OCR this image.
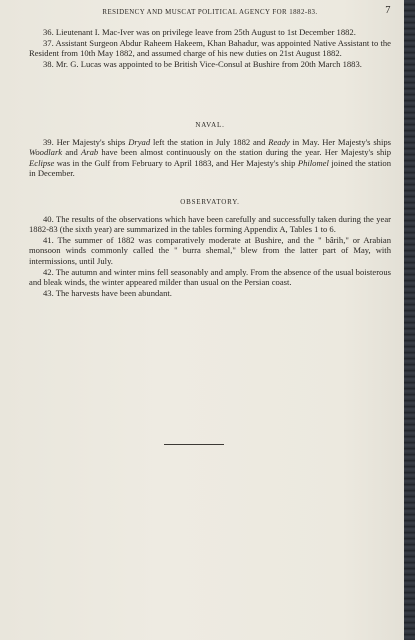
RESIDENCY AND MUSCAT POLITICAL AGENCY FOR 1882-83.	7

36. Lieutenant I. Mac-Iver was on privilege leave from 25th August to 1st December 1882.

37. Assistant Surgeon Abdur Raheem Hakeem, Khan Bahadur, was appointed Native Assistant to the Resident from 10th May 1882, and assumed charge of his new duties on 21st August 1882.

38. Mr. G. Lucas was appointed to be British Vice-Consul at Bushire from 20th March 1883.

NAVAL.

39. Her Majesty's ships Dryad left the station in July 1882 and Ready in May. Her Majesty's ships Woodlark and Arab have been almost continuously on the station during the year. Her Majesty's ship Eclipse was in the Gulf from February to April 1883, and Her Majesty's ship Philomel joined the station in December.

OBSERVATORY.

40. The results of the observations which have been carefully and successfully taken during the year 1882-83 (the sixth year) are summarized in the tables forming Appendix A, Tables 1 to 6.

41. The summer of 1882 was comparatively moderate at Bushire, and the " bârih," or Arabian monsoon winds commonly called the " burra shemal," blew from the latter part of May, with intermissions, until July.

42. The autumn and winter mins fell seasonably and amply. From the absence of the usual boisterous and bleak winds, the winter appeared milder than usual on the Persian coast.

43. The harvests have been abundant.
